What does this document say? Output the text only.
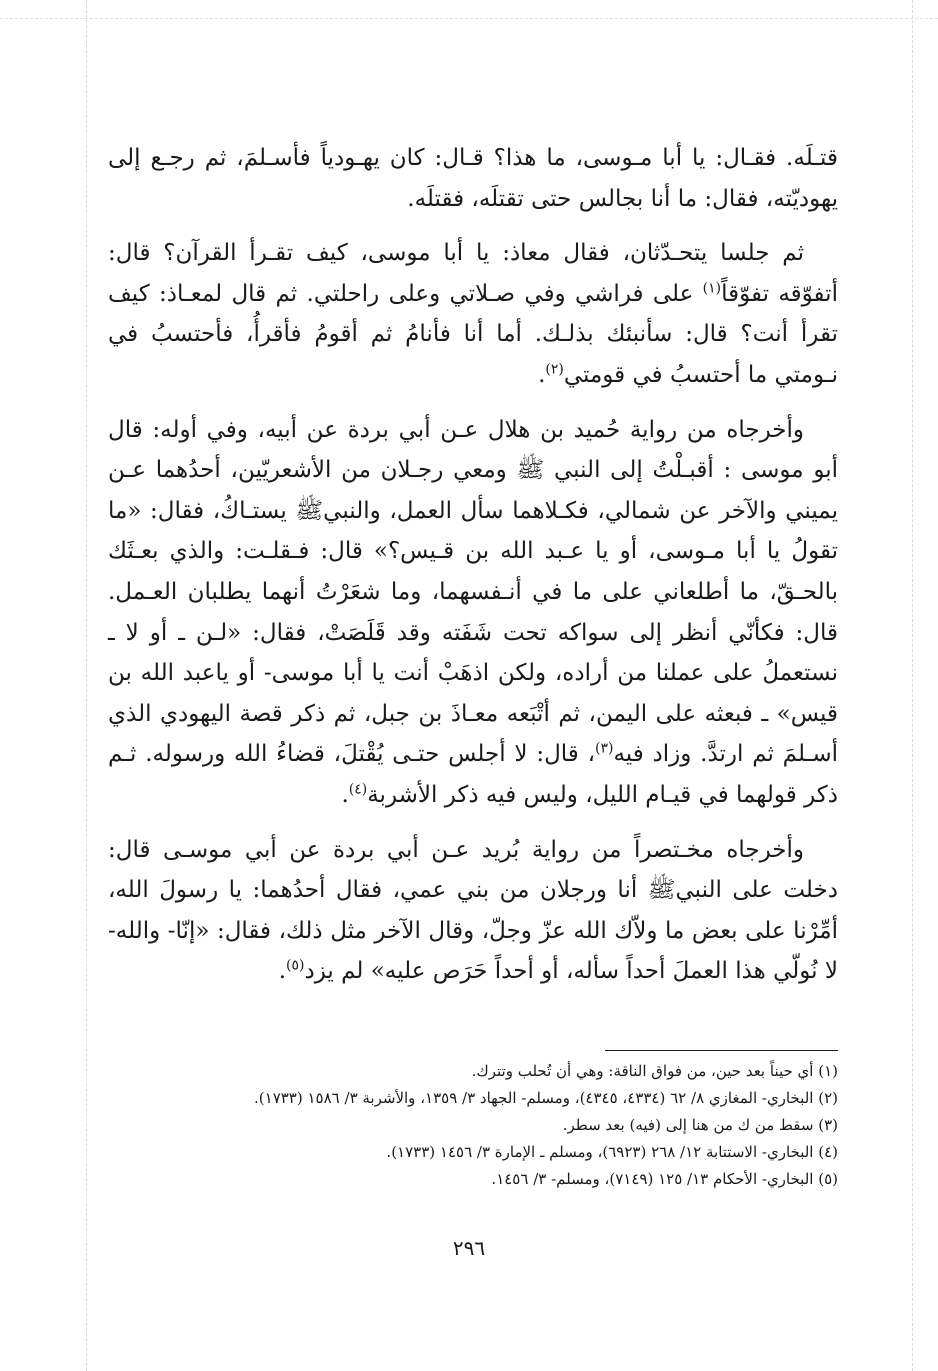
قتـلَه. فقـال: يا أبا مـوسى، ما هذا؟ قـال: كان يهـودياً فأسـلمَ، ثم رجـع إلى يهوديّته، فقال: ما أنا بجالس حتى تقتلَه، فقتلَه.

ثم جلسا يتحـدّثان، فقال معاذ: يا أبا موسى، كيف تقـرأ القرآن؟ قال: أتفوّقه تفوّقاً$^{(١)}$ على فراشي وفي صـلاتي وعلى راحلتي. ثم قال لمعـاذ: كيف تقرأ أنت؟ قال: سأنبئك بذلـك. أما أنا فأنامُ ثم أقومُ فأقرأُ، فأحتسبُ في نـومتي ما أحتسبُ في قومتي$^{(٢)}$.

وأخرجاه من رواية حُميد بن هلال عـن أبي بردة عن أبيه، وفي أوله: قال أبو موسى : أقبـلْتُ إلى النبي ﷺ ومعي رجـلان من الأشعريّين، أحدُهما عـن يميني والآخر عن شمالي، فكـلاهما سأل العمل، والنبيﷺ يستـاكُ، فقال: «ما تقولُ يا أبا مـوسى، أو يا عـبد الله بن قـيس؟» قال: فـقلـت: والذي بعـثَك بالحـقّ، ما أطلعاني على ما في أنـفسهما، وما شعَرْتُ أنهما يطلبان العـمل. قال: فكأنّي أنظر إلى سواكه تحت شَفَته وقد قَلَصَتْ، فقال: «لـن ـ أو لا ـ نستعملُ على عملنا من أراده، ولكن اذهَبْ أنت يا أبا موسى- أو ياعبد الله بن قيس» ـ فبعثه على اليمن، ثم أتْبَعه معـاذَ بن جبل، ثم ذكر قصة اليهودي الذي أسـلمَ ثم ارتدَّ. وزاد فيه$^{(٣)}$، قال: لا أجلس حتـى يُقْتلَ، قضاءُ الله ورسوله. ثـم ذكر قولهما في قيـام الليل، وليس فيه ذكر الأشربة$^{(٤)}$.

وأخرجاه مخـتصراً من رواية بُريد عـن أبي بردة عن أبي موسـى قال: دخلت على النبيﷺ أنا ورجلان من بني عمي، فقال أحدُهما: يا رسولَ الله، أمِّرْنا على بعض ما ولاّك الله عزّ وجلّ، وقال الآخر مثل ذلك، فقال: «إنّا- والله- لا نُولّي هذا العملَ أحداً سأله، أو أحداً حَرَص عليه» لم يزد$^{(٥)}$.

(١) أي حيناً بعد حين، من فواق الناقة: وهي أن تُحلب وتترك.

(٢) البخاري- المغازي ٨/ ٦٢ (٤٣٣٤، ٤٣٤٥)، ومسلم- الجهاد ٣/ ١٣٥٩، والأشربة ٣/ ١٥٨٦ (١٧٣٣).

(٣) سقط من ك من هنا إلى (فيه) بعد سطر.

(٤) البخاري- الاستتابة ١٢/ ٢٦٨ (٦٩٢٣)، ومسلم ـ الإمارة ٣/ ١٤٥٦ (١٧٣٣).

(٥) البخاري- الأحكام ١٣/ ١٢٥ (٧١٤٩)، ومسلم- ٣/ ١٤٥٦.

٢٩٦
